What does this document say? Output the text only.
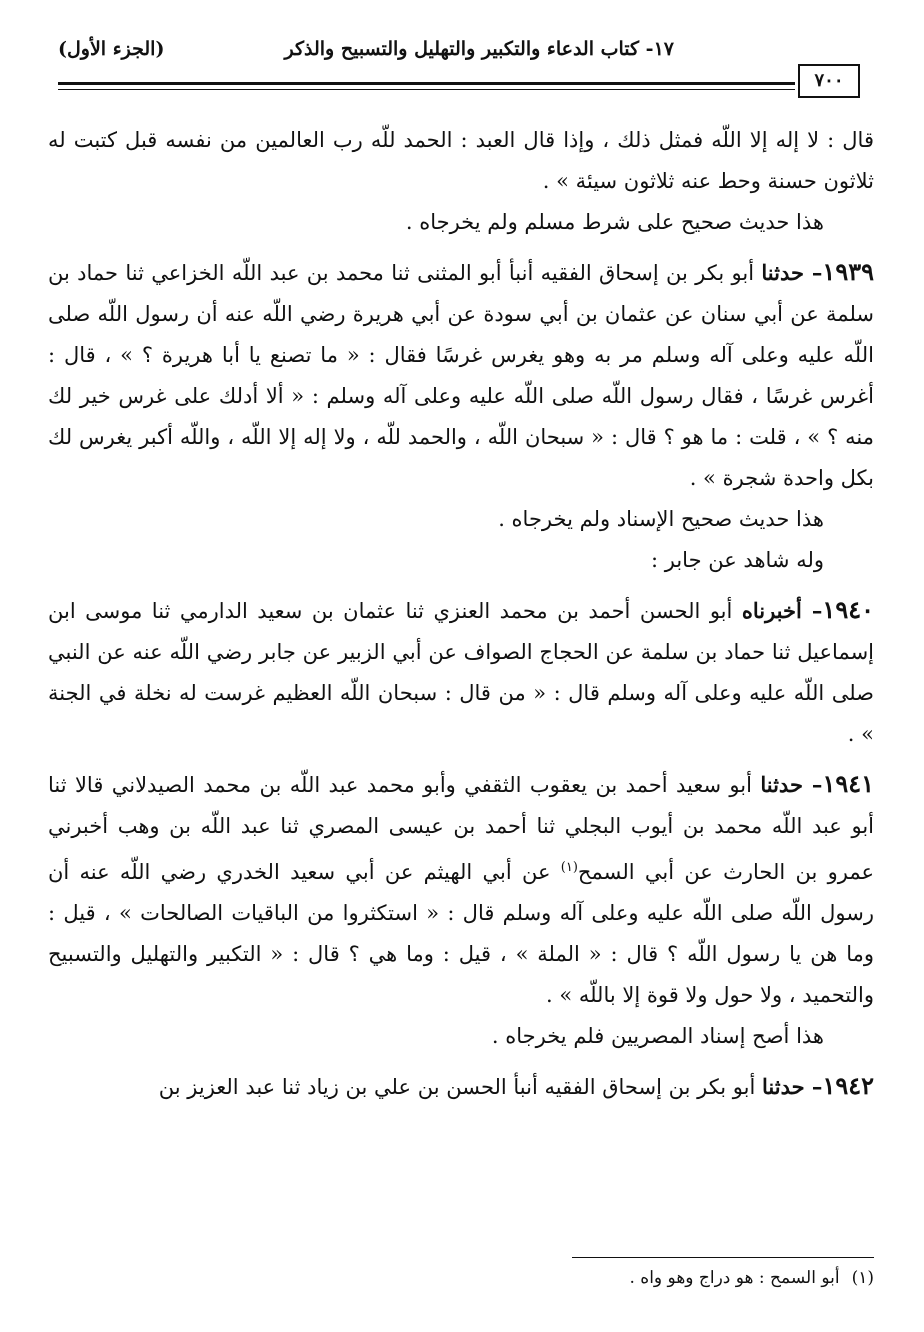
١٧- كتاب الدعاء والتكبير والتهليل والتسبيح والذكر
(الجزء الأول)
٧٠٠

قال : لا إله إلا اللّه فمثل ذلك ، وإذا قال العبد : الحمد للّه رب العالمين من نفسه قبل كتبت له ثلاثون حسنة وحط عنه ثلاثون سيئة » .

هذا حديث صحيح على شرط مسلم ولم يخرجاه .

١٩٣٩– حدثنا أبو بكر بن إسحاق الفقيه أنبأ أبو المثنى ثنا محمد بن عبد اللّه الخزاعي ثنا حماد بن سلمة عن أبي سنان عن عثمان بن أبي سودة عن أبي هريرة رضي اللّه عنه أن رسول اللّه صلى اللّه عليه وعلى آله وسلم مر به وهو يغرس غرسًا فقال : « ما تصنع يا أبا هريرة ؟ » ، قال : أغرس غرسًا ، فقال رسول اللّه صلى اللّه عليه وعلى آله وسلم : « ألا أدلك على غرس خير لك منه ؟ » ، قلت : ما هو ؟ قال : « سبحان اللّه ، والحمد للّه ، ولا إله إلا اللّه ، واللّه أكبر يغرس لك بكل واحدة شجرة » .

هذا حديث صحيح الإسناد ولم يخرجاه .

وله شاهد عن جابر :

١٩٤٠– أخبرناه أبو الحسن أحمد بن محمد العنزي ثنا عثمان بن سعيد الدارمي ثنا موسى ابن إسماعيل ثنا حماد بن سلمة عن الحجاج الصواف عن أبي الزبير عن جابر رضي اللّه عنه عن النبي صلى اللّه عليه وعلى آله وسلم قال : « من قال : سبحان اللّه العظيم غرست له نخلة في الجنة » .

١٩٤١– حدثنا أبو سعيد أحمد بن يعقوب الثقفي وأبو محمد عبد اللّه بن محمد الصيدلاني قالا ثنا أبو عبد اللّه محمد بن أيوب البجلي ثنا أحمد بن عيسى المصري ثنا عبد اللّه بن وهب أخبرني عمرو بن الحارث عن أبي السمح$^{(١)}$ عن أبي الهيثم عن أبي سعيد الخدري رضي اللّه عنه أن رسول اللّه صلى اللّه عليه وعلى آله وسلم قال : « استكثروا من الباقيات الصالحات » ، قيل : وما هن يا رسول اللّه ؟ قال : « الملة » ، قيل : وما هي ؟ قال : « التكبير والتهليل والتسبيح والتحميد ، ولا حول ولا قوة إلا باللّه » .

هذا أصح إسناد المصريين فلم يخرجاه .

١٩٤٢– حدثنا أبو بكر بن إسحاق الفقيه أنبأ الحسن بن علي بن زياد ثنا عبد العزيز بن

(١)أبو السمح : هو دراج وهو واه .
